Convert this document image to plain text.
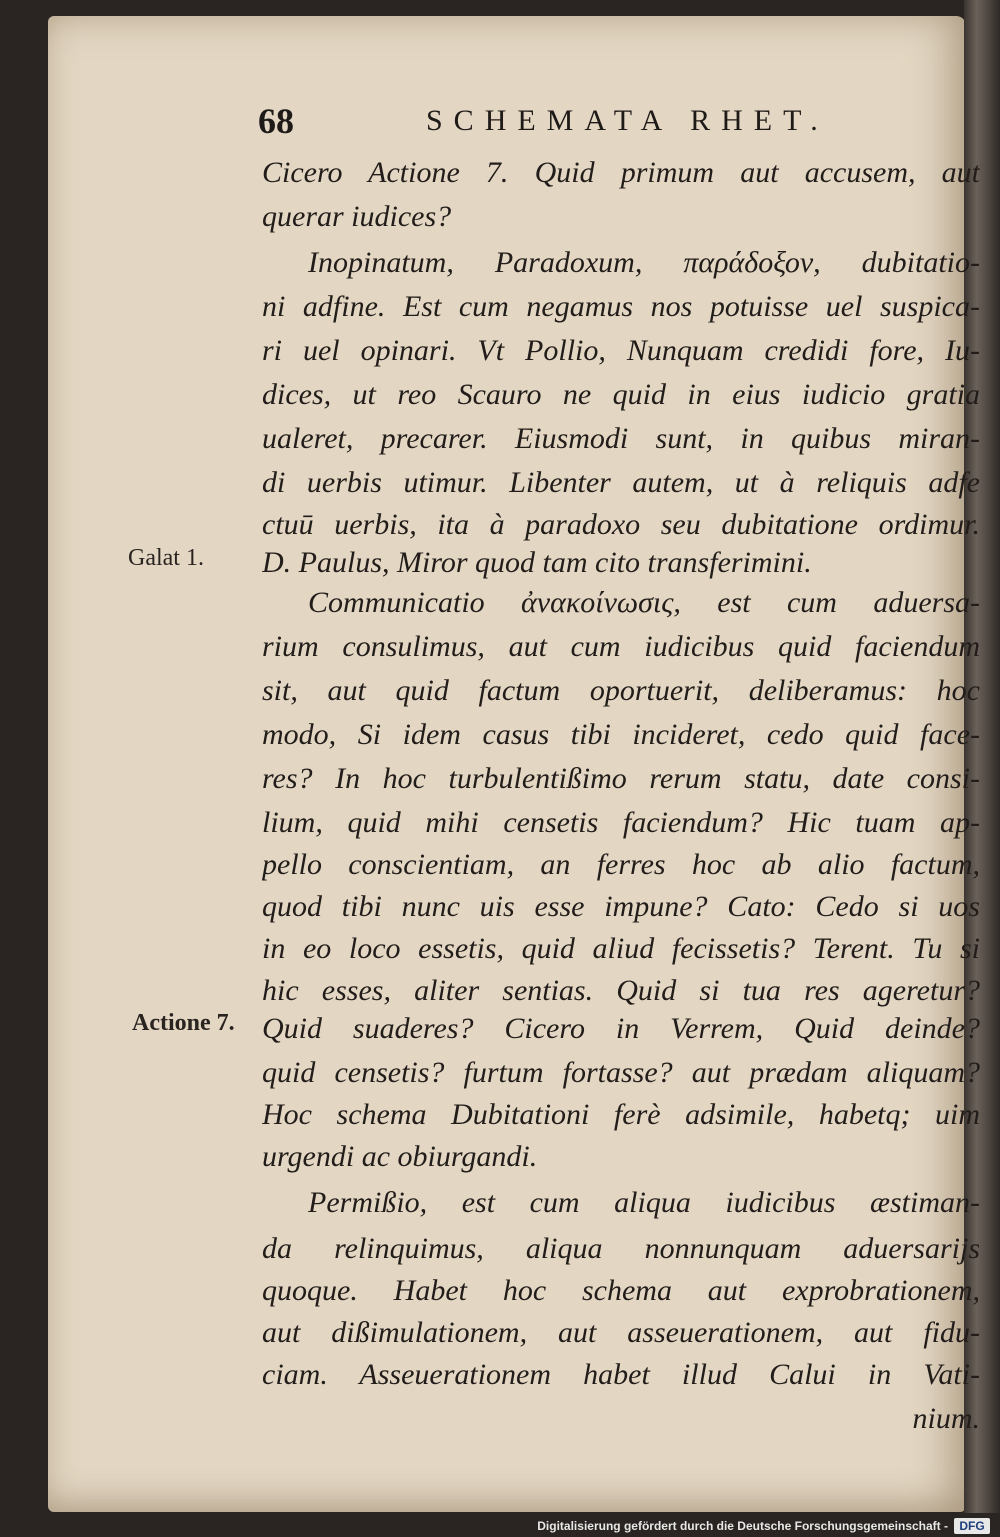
68	SCHEMATA RHET.
Galat 1.
Actione 7.
Cicero Actione 7. Quid primum aut accusem, aut
querar iudices?
Inopinatum, Paradoxum, παράδοξον, dubitatio-
ni adfine. Est cum negamus nos potuisse uel suspica-
ri uel opinari. Vt Pollio, Nunquam credidi fore, Iu-
dices, ut reo Scauro ne quid in eius iudicio gratia
ualeret, precarer. Eiusmodi sunt, in quibus miran-
di uerbis utimur. Libenter autem, ut à reliquis adfe
ctuū uerbis, ita à paradoxo seu dubitatione ordimur.
D. Paulus, Miror quod tam cito transferimini.
Communicatio ἀνακοίνωσις, est cum aduersa-
rium consulimus, aut cum iudicibus quid faciendum
sit, aut quid factum oportuerit, deliberamus: hoc
modo, Si idem casus tibi incideret, cedo quid face-
res? In hoc turbulentißimo rerum statu, date consi-
lium, quid mihi censetis faciendum? Hic tuam ap-
pello conscientiam, an ferres hoc ab alio factum,
quod tibi nunc uis esse impune? Cato: Cedo si uos
in eo loco essetis, quid aliud fecissetis? Terent. Tu si
hic esses, aliter sentias. Quid si tua res ageretur?
Quid suaderes? Cicero in Verrem, Quid deinde?
quid censetis? furtum fortasse? aut prædam aliquam?
Hoc schema Dubitationi ferè adsimile, habetq; uim
urgendi ac obiurgandi.
Permißio, est cum aliqua iudicibus æstiman-
da relinquimus, aliqua nonnunquam aduersarijs
quoque. Habet hoc schema aut exprobrationem,
aut dißimulationem, aut asseuerationem, aut fidu-
ciam. Asseuerationem habet illud Calui in Vati-
nium.
Digitalisierung gefördert durch die Deutsche Forschungsgemeinschaft - DFG
